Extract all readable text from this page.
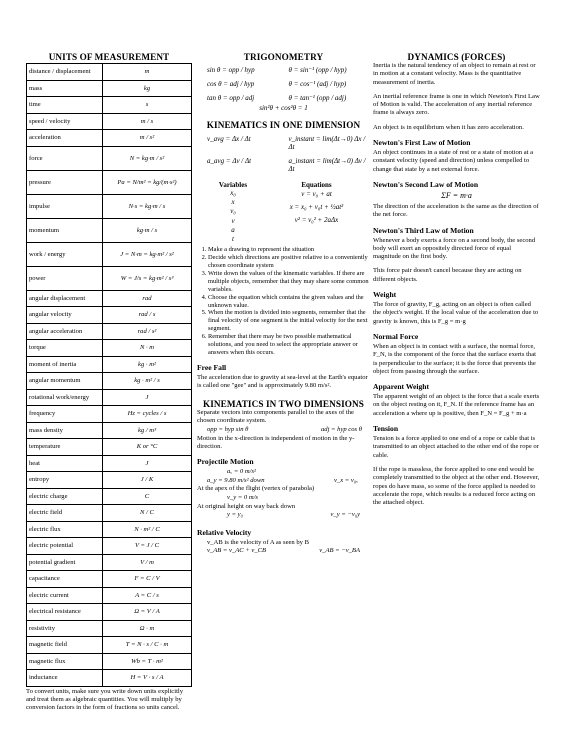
UNITS OF MEASUREMENT
distance / displacement	m
mass	kg
time	s
speed / velocity	m / s
acceleration	m / s²
force	N = kg·m / s²
pressure	Pa = N/m² = kg/(m·s²)
impulse	N·s = kg·m / s
momentum	kg·m / s
work / energy	J = N·m = kg·m² / s²
power	W = J/s = kg·m² / s³
angular displacement	rad
angular velocity	rad / s
angular acceleration	rad / s²
torque	N · m
moment of inertia	kg · m²
angular momentum	kg · m² / s
rotational work/energy	J
frequency	Hz = cycles / s
mass density	kg / m³
temperature	K or °C
heat	J
entropy	J / K
electric charge	C
electric field	N / C
electric flux	N · m² / C
electric potential	V = J / C
potential gradient	V / m
capacitance	F = C / V
electric current	A = C / s
electrical resistance	Ω = V / A
resistivity	Ω · m
magnetic field	T = N · s / C · m
magnetic flux	Wb = T · m²
inductance	H = V · s / A
To convert units, make sure you write down units explicitly and treat them as algebraic quantities. You will multiply by conversion factors in the form of fractions so units cancel.
TRIGONOMETRY
sin θ = opp / hyp	θ = sin⁻¹ (opp / hyp)
cos θ = adj / hyp	θ = cos⁻¹ (adj / hyp)
tan θ = opp / adj	θ = tan⁻¹ (opp / adj)
sin²θ + cos²θ = 1
KINEMATICS IN ONE DIMENSION
v_avg = Δx / Δt	v_instant = lim(Δt→0) Δx / Δt
a_avg = Δv / Δt	a_instant = lim(Δt→0) Δv / Δt
Variables	Equations
x₀
x
v₀
v
a
t
v = v₀ + at
x = x₀ + v₀t + ½at²
v² = v₀² + 2aΔx
1. Make a drawing to represent the situation
2. Decide which directions are positive relative to a conveniently chosen coordinate system
3. Write down the values of the kinematic variables. If there are multiple objects, remember that they may share some common variables.
4. Choose the equation which contains the given values and the unknown value.
5. When the motion is divided into segments, remember that the final velocity of one segment is the initial velocity for the next segment.
6. Remember that there may be two possible mathematical solutions, and you need to select the appropriate answer or answers when this occurs.
Free Fall

The acceleration due to gravity at sea-level at the Earth's equator is called one "gee" and is approximately 9.80 m/s².

KINEMATICS IN TWO DIMENSIONS

Separate vectors into components parallel to the axes of the chosen coordinate system.

opp = hyp sin θ	adj = hyp cos θ

Motion in the x-direction is independent of motion in the y-direction.

Projectile Motion
aₓ = 0 m/s²
a_y = 9.80 m/s² down	v_x = v₀ₓ
At the apex of the flight (vertex of parabola)
v_y = 0 m/s
At original height on way back down
y = y₀	v_y = −v₀y
Relative Velocity
v_AB is the velocity of A as seen by B
v_AB = v_AC + v_CB	v_AB = −v_BA
DYNAMICS (FORCES)

Inertia is the natural tendency of an object to remain at rest or in motion at a constant velocity. Mass is the quantitative measurement of inertia.

An inertial reference frame is one in which Newton's First Law of Motion is valid. The acceleration of any inertial reference frame is always zero.

An object is in equilibrium when it has zero acceleration.

Newton's First Law of Motion

An object continues in a state of rest or a state of motion at a constant velocity (speed and direction) unless compelled to change that state by a net external force.

Newton's Second Law of Motion
ΣF = m·a

The direction of the acceleration is the same as the direction of the net force.

Newton's Third Law of Motion

Whenever a body exerts a force on a second body, the second body will exert an oppositely directed force of equal magnitude on the first body.

This force pair doesn't cancel because they are acting on different objects.

Weight

The force of gravity, F_g, acting on an object is often called the object's weight. If the local value of the acceleration due to gravity is known, this is F_g = m·g

Normal Force

When an object is in contact with a surface, the normal force, F_N, is the component of the force that the surface exerts that is perpendicular to the surface; it is the force that prevents the object from passing through the surface.

Apparent Weight

The apparent weight of an object is the force that a scale exerts on the object resting on it, F_N. If the reference frame has an acceleration a where up is positive, then F_N = F_g + m·a

Tension

Tension is a force applied to one end of a rope or cable that is transmitted to an object attached to the other end of the rope or cable.

If the rope is massless, the force applied to one end would be completely transmitted to the object at the other end. However, ropes do have mass, so some of the force applied is needed to accelerate the rope, which results is a reduced force acting on the attached object.
